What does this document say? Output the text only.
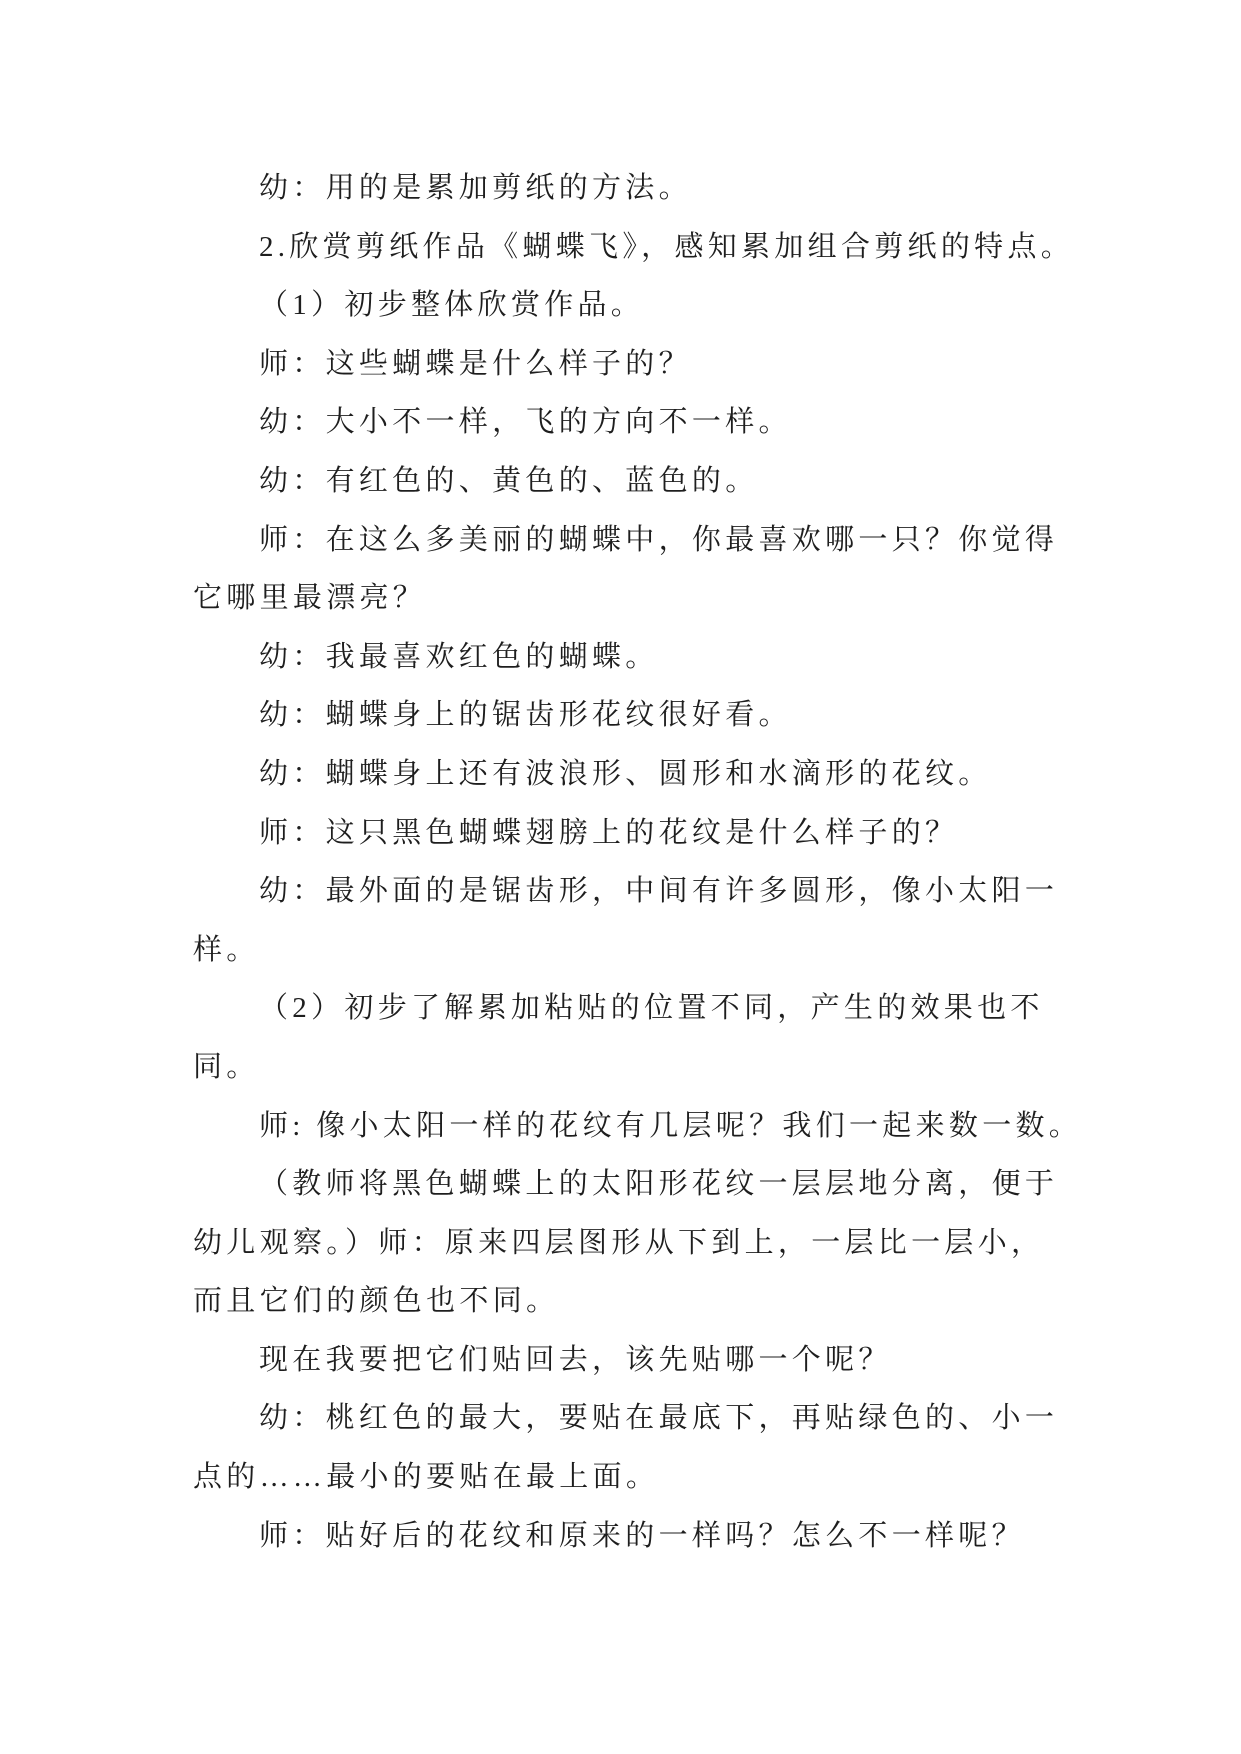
幼：用的是累加剪纸的方法。
2.欣赏剪纸作品《蝴蝶飞》，感知累加组合剪纸的特点。
（1）初步整体欣赏作品。
师：这些蝴蝶是什么样子的？
幼：大小不一样，飞的方向不一样。
幼：有红色的、黄色的、蓝色的。
师：在这么多美丽的蝴蝶中，你最喜欢哪一只？你觉得
它哪里最漂亮？
幼：我最喜欢红色的蝴蝶。
幼：蝴蝶身上的锯齿形花纹很好看。
幼：蝴蝶身上还有波浪形、圆形和水滴形的花纹。
师：这只黑色蝴蝶翅膀上的花纹是什么样子的？
幼：最外面的是锯齿形，中间有许多圆形，像小太阳一
样。
（2）初步了解累加粘贴的位置不同，产生的效果也不
同。
师: 像小太阳一样的花纹有几层呢？我们一起来数一数。
（教师将黑色蝴蝶上的太阳形花纹一层层地分离，便于
幼儿观察。）师：原来四层图形从下到上，一层比一层小，
而且它们的颜色也不同。
现在我要把它们贴回去，该先贴哪一个呢？
幼：桃红色的最大，要贴在最底下，再贴绿色的、小一
点的……最小的要贴在最上面。
师：贴好后的花纹和原来的一样吗？怎么不一样呢？
